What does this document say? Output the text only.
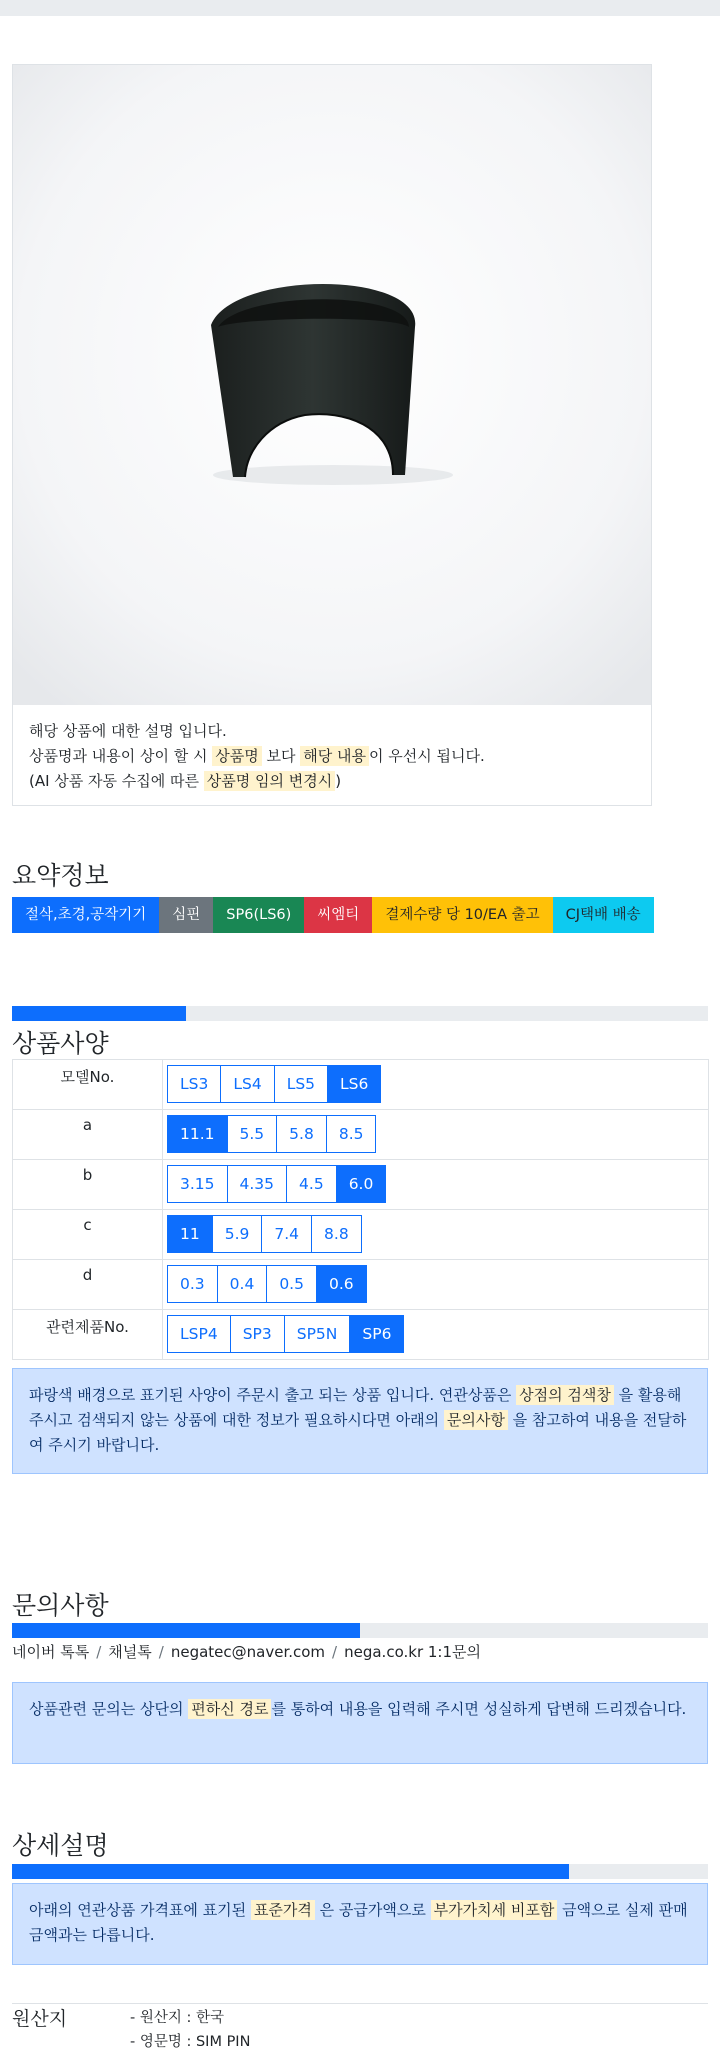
해당 상품에 대한 설명 입니다.
상품명과 내용이 상이 할 시 상품명 보다 해당 내용 이 우선시 됩니다.
(AI 상품 자동 수집에 따른 상품명 임의 변경시 )
요약정보
절삭,초경,공작기기	심핀	SP6(LS6)	씨엠티	결제수량 당 10/EA 출고	CJ택배 배송
상품사양
모델No.	LS3 LS4 LS5 LS6

a	11.1 5.5 5.8 8.5

b	3.15 4.35 4.5 6.0

c	11 5.9 7.4 8.8

d	0.3 0.4 0.5 0.6

관련제품No.	LSP4 SP3 SP5N SP6
파랑색 배경으로 표기된 사양이 주문시 출고 되는 상품 입니다. 연관상품은 상점의 검색창 을 활용해 주시고 검색되지 않는 상품에 대한 정보가 필요하시다면 아래의 문의사항 을 참고하여 내용을 전달하여 주시기 바랍니다.
문의사항
네이버 톡톡 / 채널톡 / negatec@naver.com / nega.co.kr 1:1문의
상품관련 문의는 상단의 편하신 경로 를 통하여 내용을 입력해 주시면 성실하게 답변해 드리겠습니다.
상세설명
아래의 연관상품 가격표에 표기된 표준가격 은 공급가액으로 부가가치세 비포함 금액으로 실제 판매금액과는 다릅니다.
원산지	- 원산지 : 한국
- 영문명 : SIM PIN
